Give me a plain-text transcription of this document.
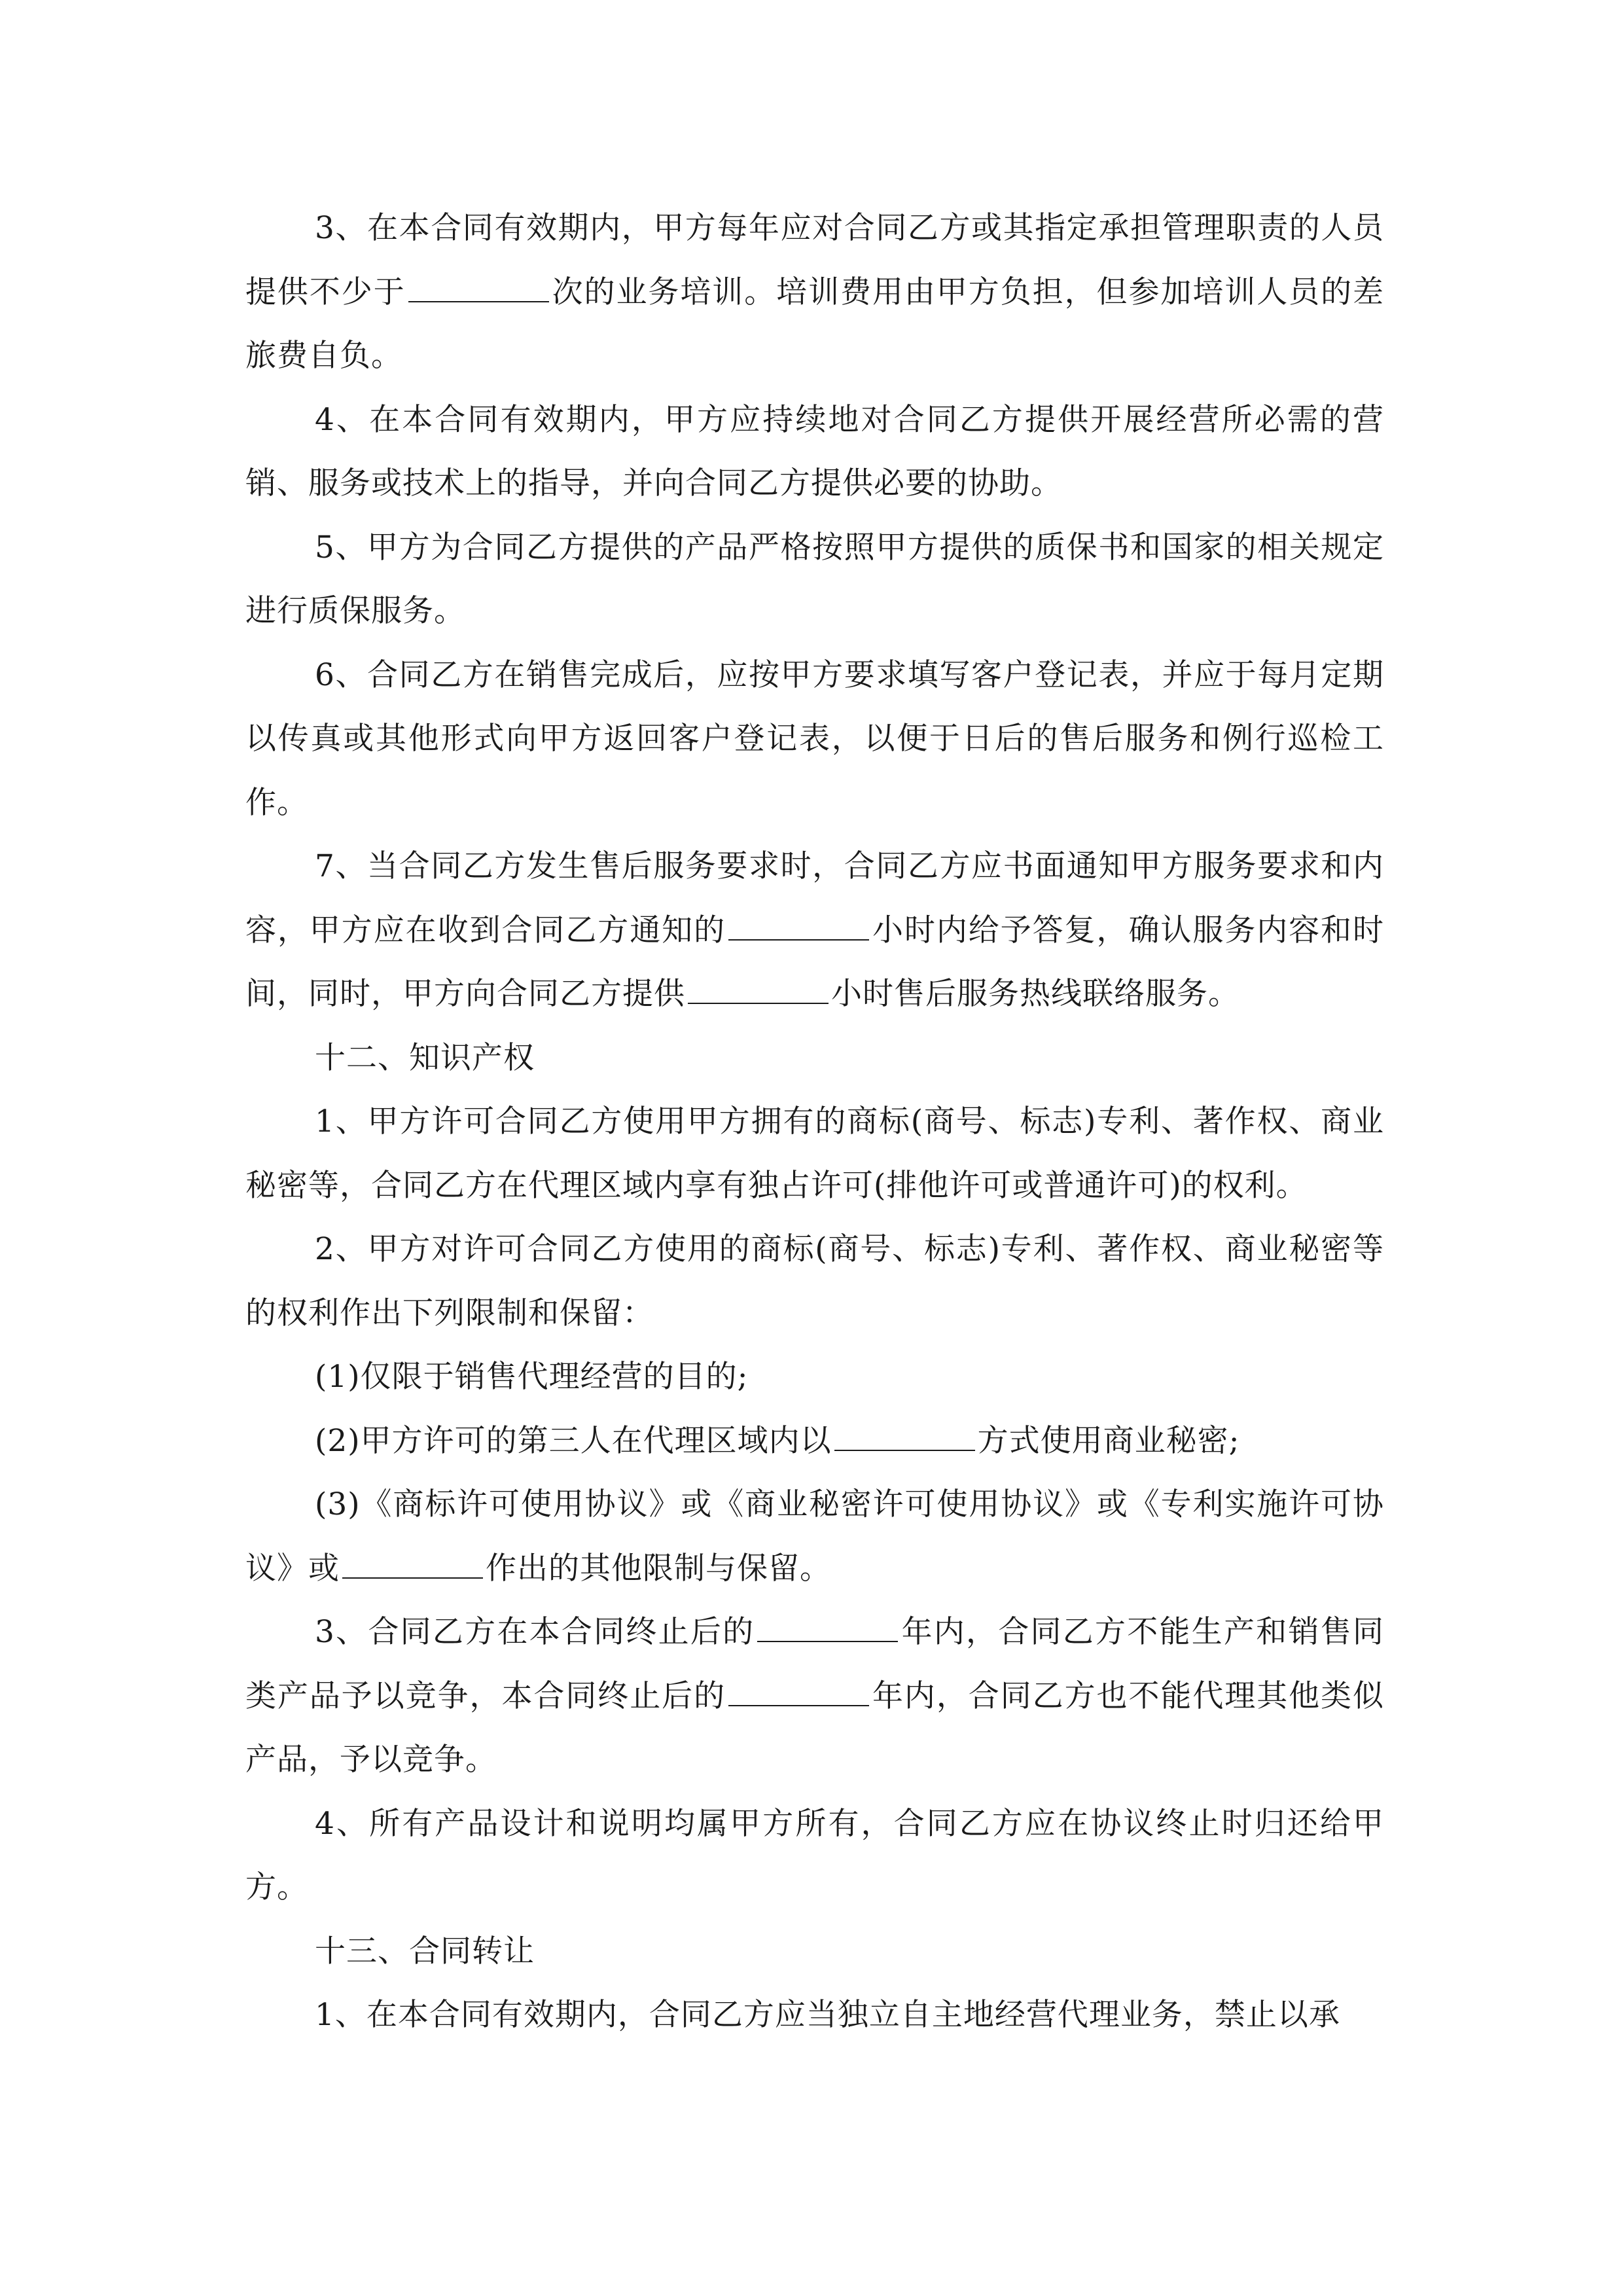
3、在本合同有效期内，甲方每年应对合同乙方或其指定承担管理职责的人员提供不少于	次的业务培训。培训费用由甲方负担，但参加培训人员的差旅费自负。

4、在本合同有效期内，甲方应持续地对合同乙方提供开展经营所必需的营销、服务或技术上的指导，并向合同乙方提供必要的协助。

5、甲方为合同乙方提供的产品严格按照甲方提供的质保书和国家的相关规定进行质保服务。

6、合同乙方在销售完成后，应按甲方要求填写客户登记表，并应于每月定期以传真或其他形式向甲方返回客户登记表，以便于日后的售后服务和例行巡检工作。

7、当合同乙方发生售后服务要求时，合同乙方应书面通知甲方服务要求和内容，甲方应在收到合同乙方通知的	小时内给予答复，确认服务内容和时间，同时，甲方向合同乙方提供	小时售后服务热线联络服务。

十二、知识产权

1、甲方许可合同乙方使用甲方拥有的商标(商号、标志)专利、著作权、商业秘密等，合同乙方在代理区域内享有独占许可(排他许可或普通许可)的权利。

2、甲方对许可合同乙方使用的商标(商号、标志)专利、著作权、商业秘密等的权利作出下列限制和保留：

(1)仅限于销售代理经营的目的;

(2)甲方许可的第三人在代理区域内以	方式使用商业秘密;

(3)《商标许可使用协议》或《商业秘密许可使用协议》或《专利实施许可协议》或	作出的其他限制与保留。

3、合同乙方在本合同终止后的	年内，合同乙方不能生产和销售同类产品予以竞争，本合同终止后的	年内，合同乙方也不能代理其他类似产品，予以竞争。

4、所有产品设计和说明均属甲方所有，合同乙方应在协议终止时归还给甲方。

十三、合同转让

1、在本合同有效期内，合同乙方应当独立自主地经营代理业务，禁止以承
